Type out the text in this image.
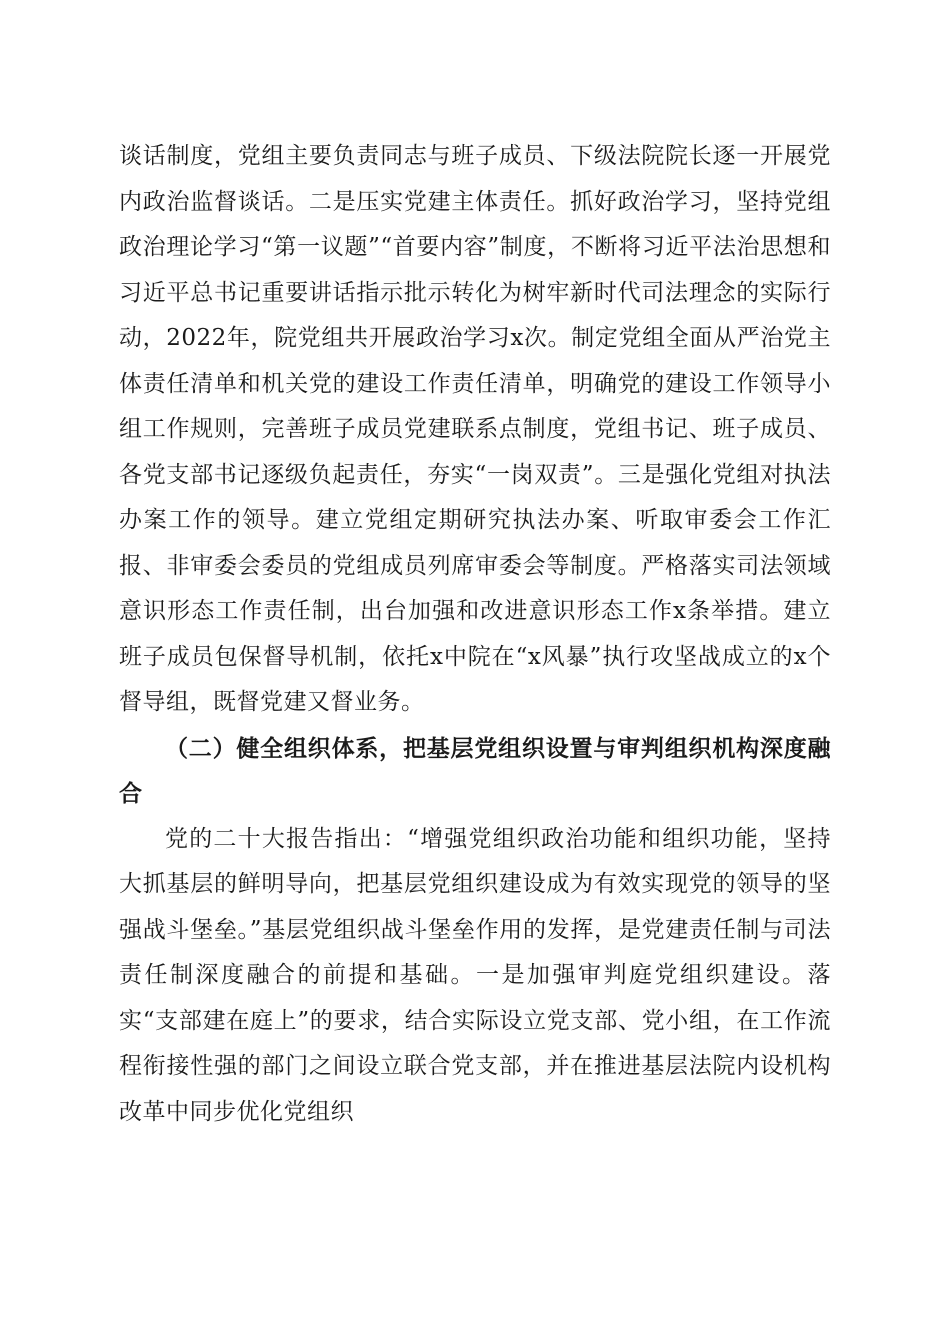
谈话制度，党组主要负责同志与班子成员、下级法院院长逐一开展党内政治监督谈话。二是压实党建主体责任。抓好政治学习，坚持党组政治理论学习“第一议题”“首要内容”制度，不断将习近平法治思想和习近平总书记重要讲话指示批示转化为树牢新时代司法理念的实际行动，2022年，院党组共开展政治学习x次。制定党组全面从严治党主体责任清单和机关党的建设工作责任清单，明确党的建设工作领导小组工作规则，完善班子成员党建联系点制度，党组书记、班子成员、各党支部书记逐级负起责任，夯实“一岗双责”。三是强化党组对执法办案工作的领导。建立党组定期研究执法办案、听取审委会工作汇报、非审委会委员的党组成员列席审委会等制度。严格落实司法领域意识形态工作责任制，出台加强和改进意识形态工作x条举措。建立班子成员包保督导机制，依托x中院在“x风暴”执行攻坚战成立的x个督导组，既督党建又督业务。

（二）健全组织体系，把基层党组织设置与审判组织机构深度融合

党的二十大报告指出：“增强党组织政治功能和组织功能，坚持大抓基层的鲜明导向，把基层党组织建设成为有效实现党的领导的坚强战斗堡垒。”基层党组织战斗堡垒作用的发挥，是党建责任制与司法责任制深度融合的前提和基础。一是加强审判庭党组织建设。落实“支部建在庭上”的要求，结合实际设立党支部、党小组，在工作流程衔接性强的部门之间设立联合党支部，并在推进基层法院内设机构改革中同步优化党组织
